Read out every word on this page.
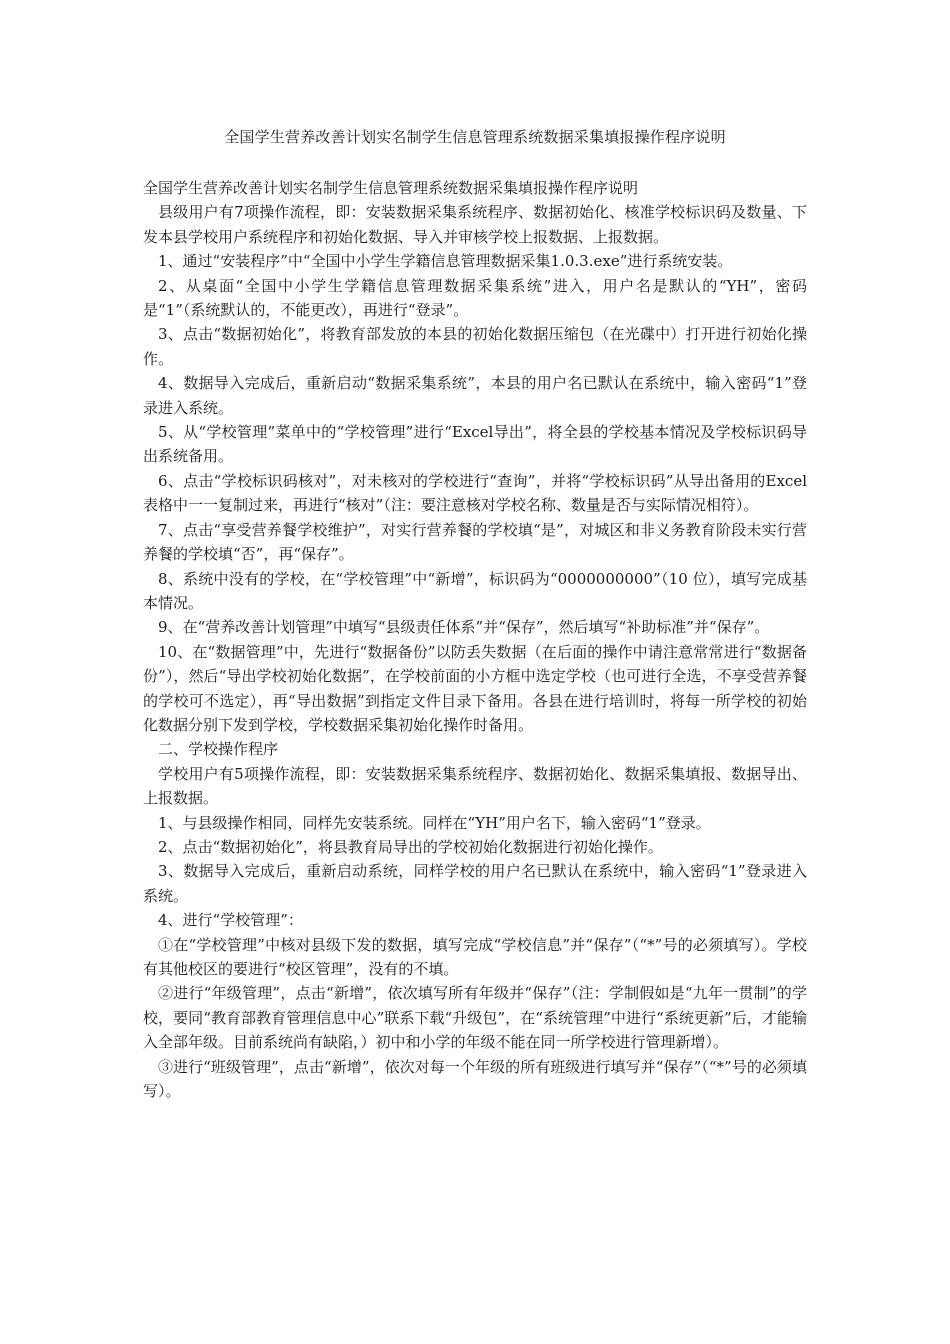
全国学生营养改善计划实名制学生信息管理系统数据采集填报操作程序说明

全国学生营养改善计划实名制学生信息管理系统数据采集填报操作程序说明

县级用户有7项操作流程，即：安装数据采集系统程序、数据初始化、核准学校标识码及数量、下发本县学校用户系统程序和初始化数据、导入并审核学校上报数据、上报数据。

1、通过“安装程序”中“全国中小学生学籍信息管理数据采集1.0.3.exe”进行系统安装。

2、从桌面“全国中小学生学籍信息管理数据采集系统”进入，用户名是默认的“YH”，密码是“1”（系统默认的，不能更改），再进行“登录”。

3、点击“数据初始化”，将教育部发放的本县的初始化数据压缩包（在光碟中）打开进行初始化操作。

4、数据导入完成后，重新启动“数据采集系统”，本县的用户名已默认在系统中，输入密码“1”登录进入系统。

5、从“学校管理”菜单中的“学校管理”进行“Excel导出”，将全县的学校基本情况及学校标识码导出系统备用。

6、点击“学校标识码核对”，对未核对的学校进行“查询”，并将“学校标识码”从导出备用的Excel表格中一一复制过来，再进行“核对”（注：要注意核对学校名称、数量是否与实际情况相符）。

7、点击“享受营养餐学校维护”，对实行营养餐的学校填“是”，对城区和非义务教育阶段未实行营养餐的学校填“否”，再“保存”。

8、系统中没有的学校，在“学校管理”中“新增”，标识码为“0000000000”（10 位），填写完成基本情况。

9、在“营养改善计划管理”中填写“县级责任体系”并“保存”，然后填写“补助标准”并“保存”。

10、在“数据管理”中，先进行“数据备份”以防丢失数据（在后面的操作中请注意常常进行“数据备份”），然后“导出学校初始化数据”，在学校前面的小方框中选定学校（也可进行全选，不享受营养餐的学校可不选定），再“导出数据”到指定文件目录下备用。各县在进行培训时，将每一所学校的初始化数据分别下发到学校，学校数据采集初始化操作时备用。

二、学校操作程序

学校用户有5项操作流程，即：安装数据采集系统程序、数据初始化、数据采集填报、数据导出、上报数据。

1、与县级操作相同，同样先安装系统。同样在“YH”用户名下，输入密码“1”登录。

2、点击“数据初始化”，将县教育局导出的学校初始化数据进行初始化操作。

3、数据导入完成后，重新启动系统，同样学校的用户名已默认在系统中，输入密码“1”登录进入系统。

4、进行“学校管理”：

①在“学校管理”中核对县级下发的数据，填写完成“学校信息”并“保存”（“*”号的必须填写）。学校有其他校区的要进行“校区管理”，没有的不填。

②进行“年级管理”，点击“新增”，依次填写所有年级并“保存”（注：学制假如是“九年一贯制”的学校，要同“教育部教育管理信息中心”联系下载“升级包”，在“系统管理”中进行“系统更新”后，才能输入全部年级。目前系统尚有缺陷，）初中和小学的年级不能在同一所学校进行管理新增）。

③进行“班级管理”，点击“新增”，依次对每一个年级的所有班级进行填写并“保存”（“*”号的必须填写）。
